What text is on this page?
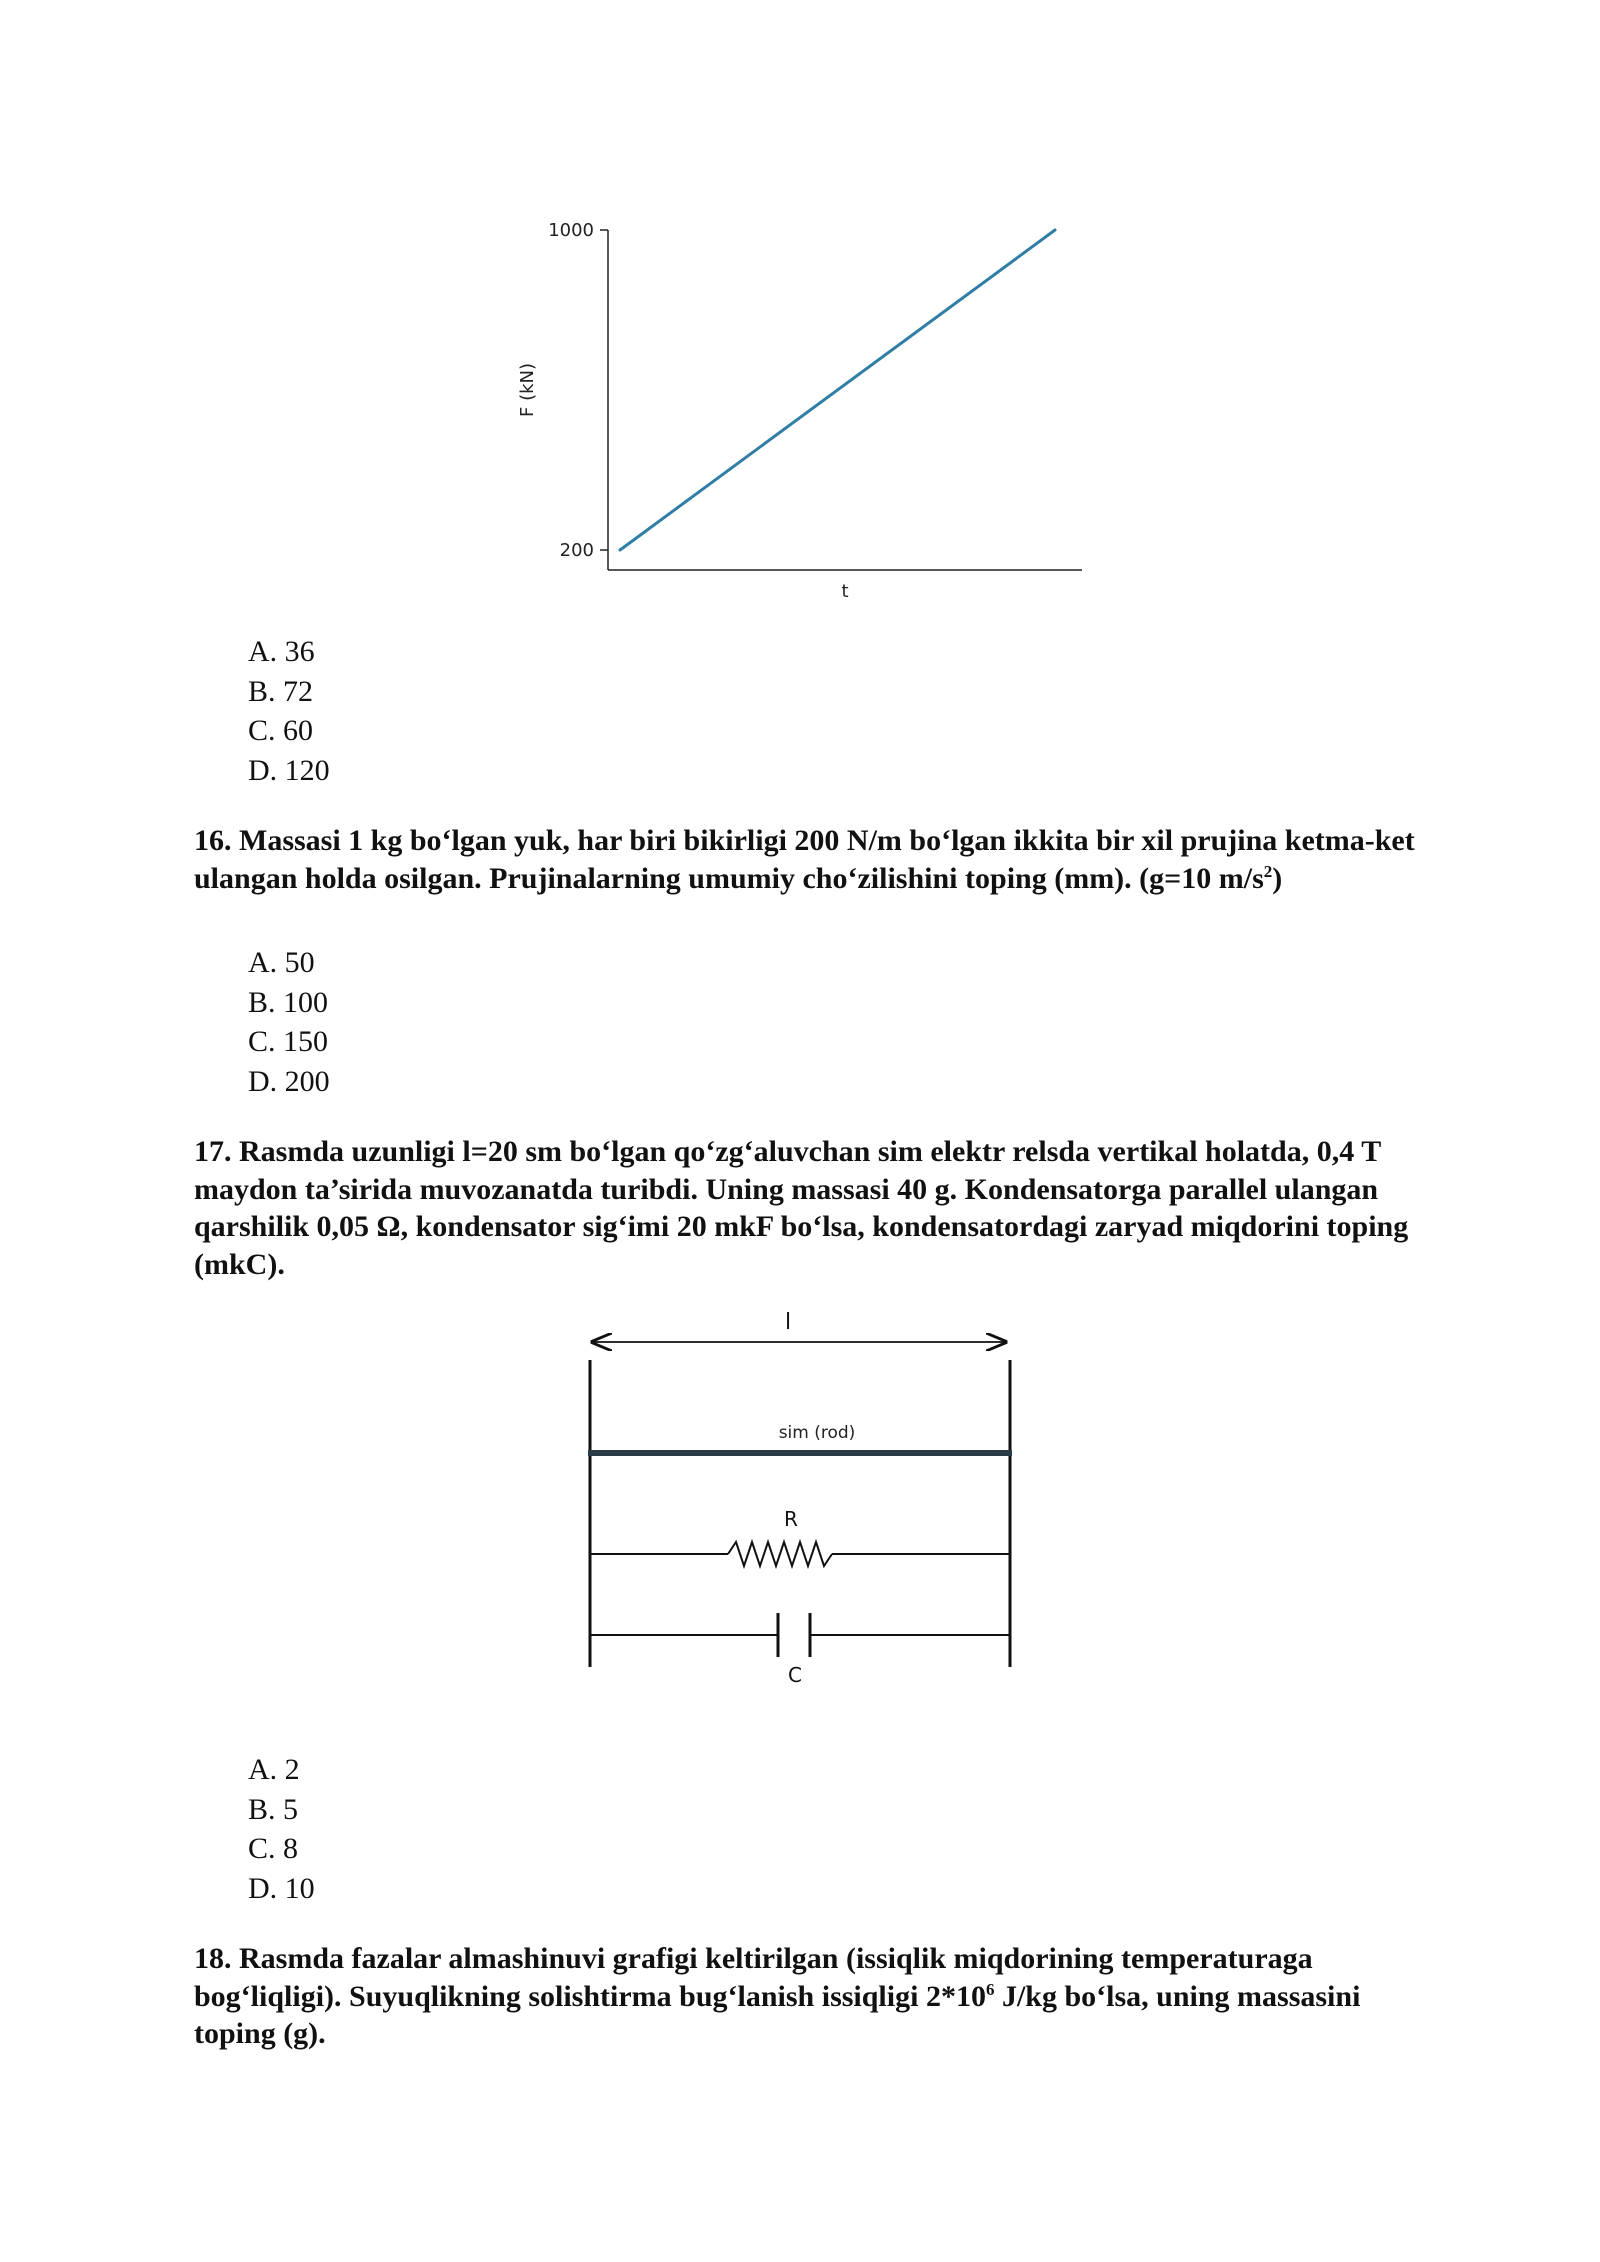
1000
200
t
F (kN)
A. 36
B. 72
C. 60
D. 120
16. Massasi 1 kg bo‘lgan yuk, har biri bikirligi 200 N/m bo‘lgan ikkita bir xil prujina ketma-ket ulangan holda osilgan. Prujinalarning umumiy cho‘zilishini toping (mm). (g=10 $m/s^2$)
A. 50
B. 100
C. 150
D. 200
17. Rasmda uzunligi l=20 sm bo‘lgan qo‘zg‘aluvchan sim elektr relsda vertikal holatda, 0,4 T maydon ta’sirida muvozanatda turibdi. Uning massasi 40 g. Kondensatorga parallel ulangan qarshilik 0,05 Ω, kondensator sig‘imi 20 mkF bo‘lsa, kondensatordagi zaryad miqdorini toping (mkC).
l
sim (rod)
R
C
A. 2
B. 5
C. 8
D. 10
18. Rasmda fazalar almashinuvi grafigi keltirilgan (issiqlik miqdorining temperaturaga bog‘liqligi). Suyuqlikning solishtirma bug‘lanish issiqligi $2*10^6$ J/kg bo‘lsa, uning massasini toping (g).
